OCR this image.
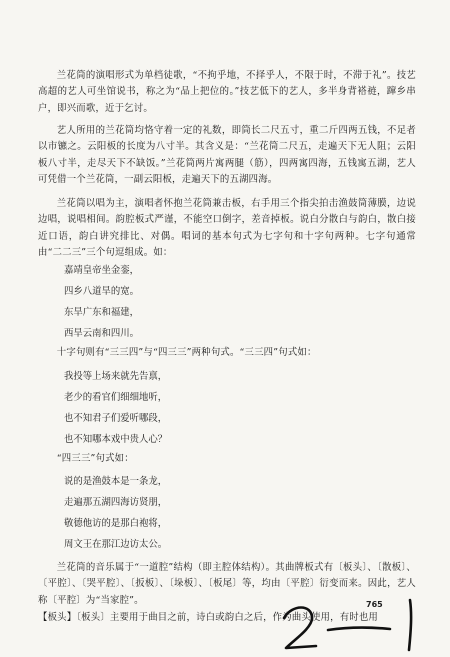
兰花筒的演唱形式为单档徒歌，“不拘乎地，不择乎人，不限于时，不滞于礼”。技艺高超的艺人可坐馆说书，称之为“品上把位的。”技艺低下的艺人，多半身背褡裢，蹿乡串户，即兴而歌，近于乞讨。
艺人所用的兰花筒均恪守着一定的礼数，即筒长二尺五寸，重二斤四两五钱，不足者以市镳之。云阳板的长度为八寸半。其含义是：“兰花筒二尺五，走遍天下无人阻；云阳板八寸半，走尽天下不缺饭。”兰花筒两片寓两腿（筋），四两寓四海，五钱寓五湖，艺人可凭借一个兰花筒，一副云阳板，走遍天下的五湖四海。
兰花筒以唱为主，演唱者怀抱兰花筒兼击板，右手用三个指尖拍击渔鼓筒薄膜，边说边唱，说唱相间。韵腔板式严谨，不能空口倒字，差音掉板。说白分散白与韵白，散白接近口语，韵白讲究排比、对偶。唱词的基本句式为七字句和十字句两种。七字句通常由“二二三”三个句逗组成。如：
嘉靖皇帝坐金銮，
四乡八道旱的宽。
东旱广东和福建，
西旱云南和四川。
十字句则有“三三四”与“四三三”两种句式。“三三四”句式如：
我投等上场来就先告禀，
老少的看官们细细地听，
也不知君子们爱听哪段，
也不知哪本戏中贵人心？
“四三三”句式如：
说的是渔鼓本是一条龙，
走遍那五湖四海访贤朋，
敬德他访的是那白袍将，
周文王在那江边访太公。
兰花筒的音乐属于“一道腔”结构（即主腔体结构）。其曲牌板式有〔板头〕、〔散板〕、〔平腔〕、〔哭平腔〕、〔扳板〕、〔垛板〕、〔板尾〕等，均由〔平腔〕衍变而来。因此，艺人称〔平腔〕为“当家腔”。
【板头】〔板头〕主要用于曲目之前，诗白或韵白之后，作为曲头使用，有时也用
765
